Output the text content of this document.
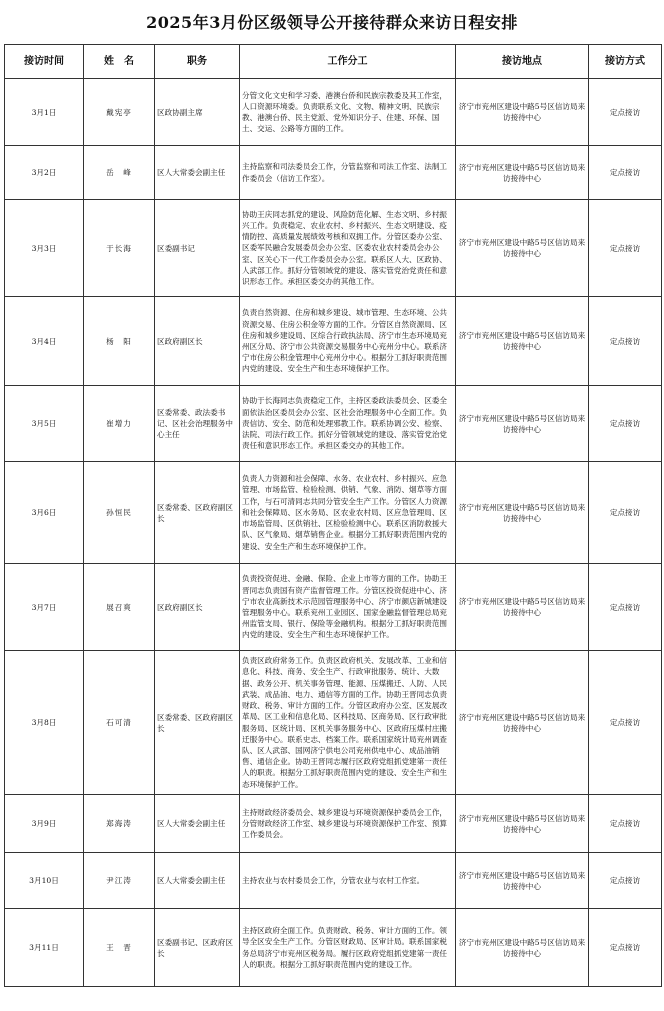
2025年3月份区级领导公开接待群众来访日程安排
接访时间	姓　名	职务	工作分工	接访地点	接访方式
3月1日	戴宪亭	区政协副主席	分管文化文史和学习委、港澳台侨和民族宗教委及其工作室，人口资源环境委。负责联系文化、文物、精神文明、民族宗教、港澳台侨、民主党派、党外知识分子、住建、环保、国土、交运、公路等方面的工作。	济宁市兖州区建设中路5号区信访局来访接待中心	定点接访
3月2日	岳　峰	区人大常委会副主任	主持监察和司法委员会工作，分管监察和司法工作室、法制工作委员会（信访工作室）。	济宁市兖州区建设中路5号区信访局来访接待中心	定点接访
3月3日	于长海	区委副书记	协助王庆同志抓党的建设、风险防范化解、生态文明、乡村振兴工作。负责稳定、农业农村、乡村振兴、生态文明建设、疫情防控、高质量发展绩效考核和双拥工作。分管区委办公室、区委军民融合发展委员会办公室、区委农业农村委员会办公室、区关心下一代工作委员会办公室。联系区人大、区政协、人武部工作。抓好分管领域党的建设、落实管党治党责任和意识形态工作。承担区委交办的其他工作。	济宁市兖州区建设中路5号区信访局来访接待中心	定点接访
3月4日	杨　阳	区政府副区长	负责自然资源、住房和城乡建设、城市管理、生态环境、公共资源交易、住房公积金等方面的工作。分管区自然资源局、区住房和城乡建设局、区综合行政执法局、济宁市生态环境局兖州区分局、济宁市公共资源交易服务中心兖州分中心。联系济宁市住房公积金管理中心兖州分中心。根据分工抓好职责范围内党的建设、安全生产和生态环境保护工作。	济宁市兖州区建设中路5号区信访局来访接待中心	定点接访
3月5日	崔增力	区委常委、政法委书记、区社会治理服务中心主任	协助于长海同志负责稳定工作，主持区委政法委员会、区委全面依法治区委员会办公室、区社会治理服务中心全面工作。负责信访、安全、防范和处理邪教工作。联系协调公安、检察、法院、司法行政工作。抓好分管领域党的建设、落实管党治党责任和意识形态工作。承担区委交办的其他工作。	济宁市兖州区建设中路5号区信访局来访接待中心	定点接访
3月6日	孙恒民	区委常委、区政府副区长	负责人力资源和社会保障、水务、农业农村、乡村振兴、应急管理、市场监管、检验检测、供销、气象、消防、烟草等方面工作，与石可清同志共同分管安全生产工作。分管区人力资源和社会保障局、区水务局、区农业农村局、区应急管理局、区市场监管局、区供销社、区检验检测中心。联系区消防救援大队、区气象局、烟草销售企业。根据分工抓好职责范围内党的建设、安全生产和生态环境保护工作。	济宁市兖州区建设中路5号区信访局来访接待中心	定点接访
3月7日	展召爽	区政府副区长	负责投资促进、金融、保险、企业上市等方面的工作。协助王晋同志负责国有资产监督管理工作。分管区投资促进中心、济宁市农业高新技术示范园管理服务中心、济宁市颜店新城建设管理服务中心。联系兖州工业园区、国家金融监督管理总局兖州监管支局、银行、保险等金融机构。根据分工抓好职责范围内党的建设、安全生产和生态环境保护工作。	济宁市兖州区建设中路5号区信访局来访接待中心	定点接访
3月8日	石可清	区委常委、区政府副区长	负责区政府常务工作。负责区政府机关、发展改革、工业和信息化、科技、商务、安全生产、行政审批服务、统计、大数据、政务公开、机关事务管理、能源、压煤搬迁、人防、人民武装、成品油、电力、通信等方面的工作。协助王晋同志负责财政、税务、审计方面的工作。分管区政府办公室、区发展改革局、区工业和信息化局、区科技局、区商务局、区行政审批服务局、区统计局、区机关事务服务中心、区政府压煤村庄搬迁服务中心。联系史志、档案工作。联系国家统计局兖州调查队、区人武部、国网济宁供电公司兖州供电中心、成品油销售、通信企业。协助王晋同志履行区政府党组抓党建第一责任人的职责。根据分工抓好职责范围内党的建设、安全生产和生态环境保护工作。	济宁市兖州区建设中路5号区信访局来访接待中心	定点接访
3月9日	郑海涛	区人大常委会副主任	主持财政经济委员会、城乡建设与环境资源保护委员会工作，分管财政经济工作室、城乡建设与环境资源保护工作室、预算工作委员会。	济宁市兖州区建设中路5号区信访局来访接待中心	定点接访
3月10日	尹江涛	区人大常委会副主任	主持农业与农村委员会工作，分管农业与农村工作室。	济宁市兖州区建设中路5号区信访局来访接待中心	定点接访
3月11日	王　晋	区委副书记、区政府区长	主持区政府全面工作。负责财政、税务、审计方面的工作。领导全区安全生产工作。分管区财政局、区审计局。联系国家税务总局济宁市兖州区税务局。履行区政府党组抓党建第一责任人的职责。根据分工抓好职责范围内党的建设工作。	济宁市兖州区建设中路5号区信访局来访接待中心	定点接访
